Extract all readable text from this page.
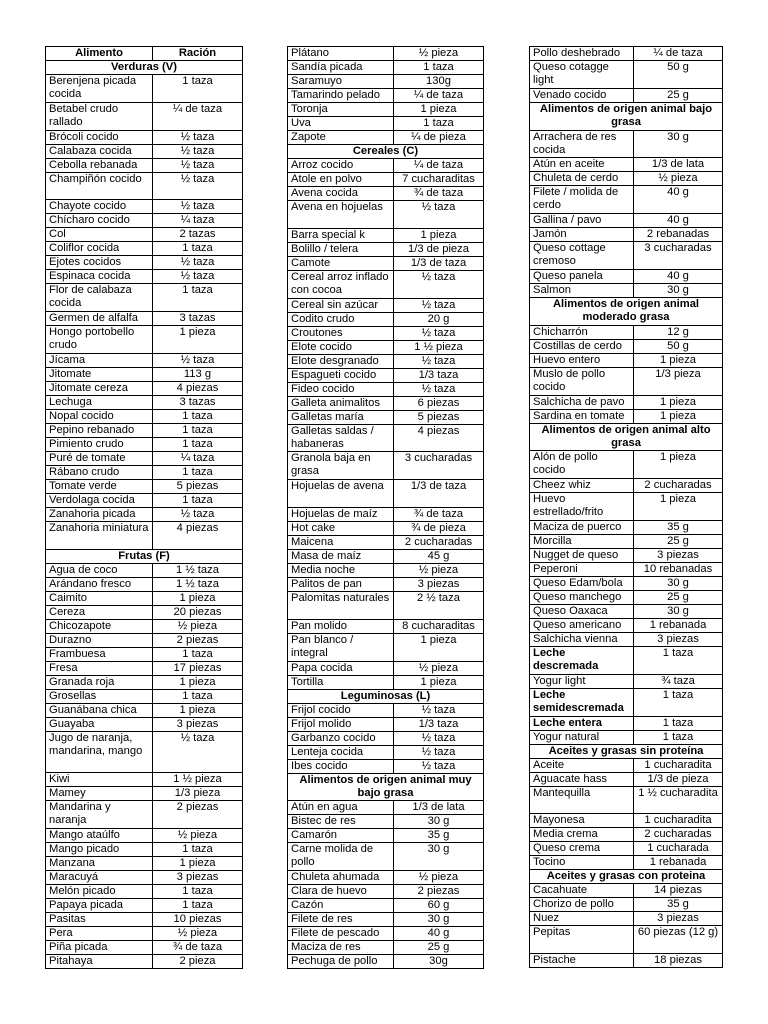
Alimento	Ración
Verduras (V)	
Berenjena picada cocida	1 taza
Betabel crudo rallado	¼ de taza
Brócoli cocido	½ taza
Calabaza cocida	½ taza
Cebolla rebanada	½ taza
Champiñón cocido	½ taza
Chayote cocido	½ taza
Chícharo cocido	¼ taza
Col	2 tazas
Coliflor cocida	1 taza
Ejotes cocidos	½ taza
Espinaca cocida	½ taza
Flor de calabaza cocida	1 taza
Germen de alfalfa	3 tazas
Hongo portobello crudo	1 pieza
Jícama	½ taza
Jitomate	113 g
Jitomate cereza	4 piezas
Lechuga	3 tazas
Nopal cocido	1 taza
Pepino rebanado	1 taza
Pimiento crudo	1 taza
Puré de tomate	¼ taza
Rábano crudo	1 taza
Tomate verde	5 piezas
Verdolaga cocida	1 taza
Zanahoria picada	½ taza
Zanahoria miniatura	4 piezas
Frutas (F)	
Agua de coco	1 ½ taza
Arándano fresco	1 ½ taza
Caimito	1 pieza
Cereza	20 piezas
Chicozapote	½ pieza
Durazno	2 piezas
Frambuesa	1 taza
Fresa	17 piezas
Granada roja	1 pieza
Grosellas	1 taza
Guanábana chica	1 pieza
Guayaba	3 piezas
Jugo de naranja, mandarina, mango	½ taza
Kiwi	1 ½ pieza
Mamey	1/3 pieza
Mandarina y naranja	2 piezas
Mango ataúlfo	½ pieza
Mango picado	1 taza
Manzana	1 pieza
Maracuyá	3 piezas
Melón picado	1 taza
Papaya picada	1 taza
Pasitas	10 piezas
Pera	½ pieza
Piña picada	¾ de taza
Pitahaya	2 pieza
Plátano	½ pieza
Sandía picada	1 taza
Saramuyo	130g
Tamarindo pelado	¼ de taza
Toronja	1 pieza
Uva	1 taza
Zapote	¼ de pieza
Cereales (C)	
Arroz cocido	¼ de taza
Atole en polvo	7 cucharaditas
Avena cocida	¾ de taza
Avena en hojuelas	½ taza
Barra special k	1 pieza
Bolillo / telera	1/3 de pieza
Camote	1/3 de taza
Cereal arroz inflado con cocoa	½ taza
Cereal sin azúcar	½ taza
Codito crudo	20 g
Croutones	½ taza
Elote cocido	1 ½ pieza
Elote desgranado	½ taza
Espagueti cocido	1/3 taza
Fideo cocido	½ taza
Galleta animalitos	6 piezas
Galletas maría	5 piezas
Galletas saldas / habaneras	4 piezas
Granola baja en grasa	3 cucharadas
Hojuelas de avena	1/3 de taza
Hojuelas de maíz	¾ de taza
Hot cake	¾ de pieza
Maicena	2 cucharadas
Masa de maíz	45 g
Media noche	½ pieza
Palitos de pan	3 piezas
Palomitas naturales	2 ½ taza
Pan molido	8 cucharaditas
Pan blanco / integral	1 pieza
Papa cocida	½ pieza
Tortilla	1 pieza
Leguminosas (L)	
Frijol cocido	½ taza
Frijol molido	1/3 taza
Garbanzo cocido	½ taza
Lenteja cocida	½ taza
Ibes cocido	½ taza
Alimentos de origen animal muy bajo grasa	
Atún en agua	1/3 de lata
Bistec de res	30 g
Camarón	35 g
Carne molida de pollo	30 g
Chuleta ahumada	½ pieza
Clara de huevo	2 piezas
Cazón	60 g
Filete de res	30 g
Filete de pescado	40 g
Maciza de res	25 g
Pechuga de pollo	30g
Pollo deshebrado	¼ de taza
Queso cotagge light	50 g
Venado cocido	25 g
Alimentos de origen animal bajo grasa	
Arrachera de res cocida	30 g
Atún en aceite	1/3 de lata
Chuleta de cerdo	½ pieza
Filete / molida de cerdo	40 g
Gallina / pavo	40 g
Jamón	2 rebanadas
Queso cottage cremoso	3 cucharadas
Queso panela	40 g
Salmon	30 g
Alimentos de origen animal moderado grasa	
Chicharrón	12 g
Costillas de cerdo	50 g
Huevo entero	1 pieza
Muslo de pollo cocido	1/3 pieza
Salchicha de pavo	1 pieza
Sardina en tomate	1 pieza
Alimentos de origen animal alto grasa	
Alón de pollo cocido	1 pieza
Cheez whiz	2 cucharadas
Huevo estrellado/frito	1 pieza
Maciza de puerco	35 g
Morcilla	25 g
Nugget de queso	3 piezas
Peperoni	10 rebanadas
Queso Edam/bola	30 g
Queso manchego	25 g
Queso Oaxaca	30 g
Queso americano	1 rebanada
Salchicha vienna	3 piezas
Leche descremada	1 taza
Yogur light	¾ taza
Leche semidescremada	1 taza
Leche entera	1 taza
Yogur natural	1 taza
Aceites y grasas sin proteína	
Aceite	1 cucharadita
Aguacate hass	1/3 de pieza
Mantequilla	1 ½ cucharadita
Mayonesa	1 cucharadita
Media crema	2 cucharadas
Queso crema	1 cucharada
Tocino	1 rebanada
Aceites y grasas con proteina	
Cacahuate	14 piezas
Chorizo de pollo	35 g
Nuez	3 piezas
Pepitas	60 piezas (12 g)
Pistache	18 piezas
